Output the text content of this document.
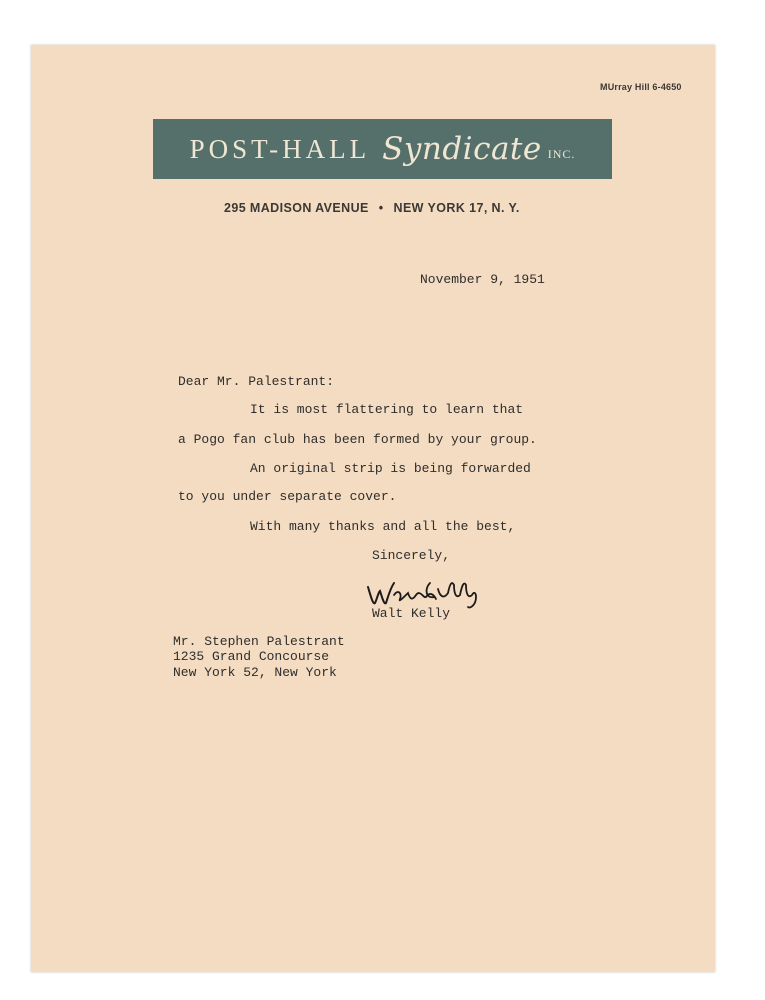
MUrray Hill 6-4650
POST-HALL Syndicate INC.
295 MADISON AVENUE • NEW YORK 17, N. Y.
November 9, 1951
Dear Mr. Palestrant:
It is most flattering to learn that
a Pogo fan club has been formed by your group.
An original strip is being forwarded
to you under separate cover.
With many thanks and all the best,
Sincerely,
Walt Kelly
Mr. Stephen Palestrant
1235 Grand Concourse
New York 52, New York
